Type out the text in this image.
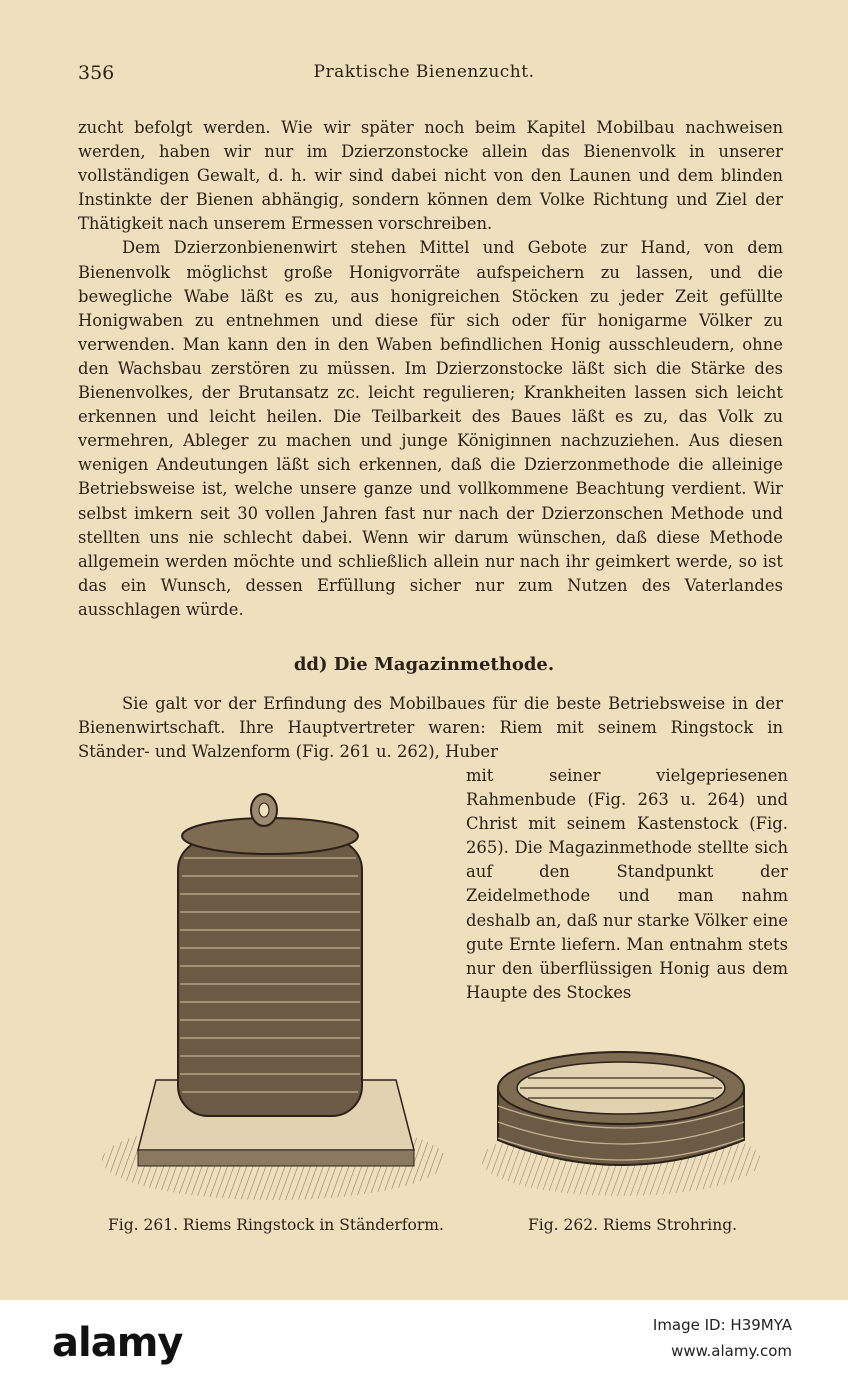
356	Praktische Bienenzucht.

zucht befolgt werden. Wie wir später noch beim Kapitel Mobilbau nachweisen werden, haben wir nur im Dzierzonstocke allein das Bienenvolk in unserer vollständigen Gewalt, d. h. wir sind dabei nicht von den Launen und dem blinden Instinkte der Bienen abhängig, sondern können dem Volke Richtung und Ziel der Thätigkeit nach unserem Ermessen vorschreiben.

Dem Dzierzonbienenwirt stehen Mittel und Gebote zur Hand, von dem Bienenvolk möglichst große Honigvorräte aufspeichern zu lassen, und die bewegliche Wabe läßt es zu, aus honigreichen Stöcken zu jeder Zeit gefüllte Honigwaben zu entnehmen und diese für sich oder für honigarme Völker zu verwenden. Man kann den in den Waben befindlichen Honig ausschleudern, ohne den Wachsbau zerstören zu müssen. Im Dzierzonstocke läßt sich die Stärke des Bienenvolkes, der Brutansatz zc. leicht regulieren; Krankheiten lassen sich leicht erkennen und leicht heilen. Die Teilbarkeit des Baues läßt es zu, das Volk zu vermehren, Ableger zu machen und junge Königinnen nachzuziehen. Aus diesen wenigen Andeutungen läßt sich erkennen, daß die Dzierzonmethode die alleinige Betriebsweise ist, welche unsere ganze und vollkommene Beachtung verdient. Wir selbst imkern seit 30 vollen Jahren fast nur nach der Dzierzonschen Methode und stellten uns nie schlecht dabei. Wenn wir darum wünschen, daß diese Methode allgemein werden möchte und schließlich allein nur nach ihr geimkert werde, so ist das ein Wunsch, dessen Erfüllung sicher nur zum Nutzen des Vaterlandes ausschlagen würde.

dd) Die Magazinmethode.
Sie galt vor der Erfindung des Mobilbaues für die beste Betriebsweise in der Bienenwirtschaft. Ihre Hauptvertreter waren: Riem mit seinem Ringstock in Ständer- und Walzenform (Fig. 261 u. 262), Huber
mit seiner vielgepriesenen Rahmenbude (Fig. 263 u. 264) und Christ mit seinem Kastenstock (Fig. 265). Die Magazinmethode stellte sich auf den Standpunkt der Zeidelmethode und man nahm deshalb an, daß nur starke Völker eine gute Ernte liefern. Man entnahm stets nur den überflüssigen Honig aus dem Haupte des Stockes
Fig. 261. Riems Ringstock in Ständerform.	Fig. 262. Riems Strohring.
alamy	Image ID: H39MYA
www.alamy.com
